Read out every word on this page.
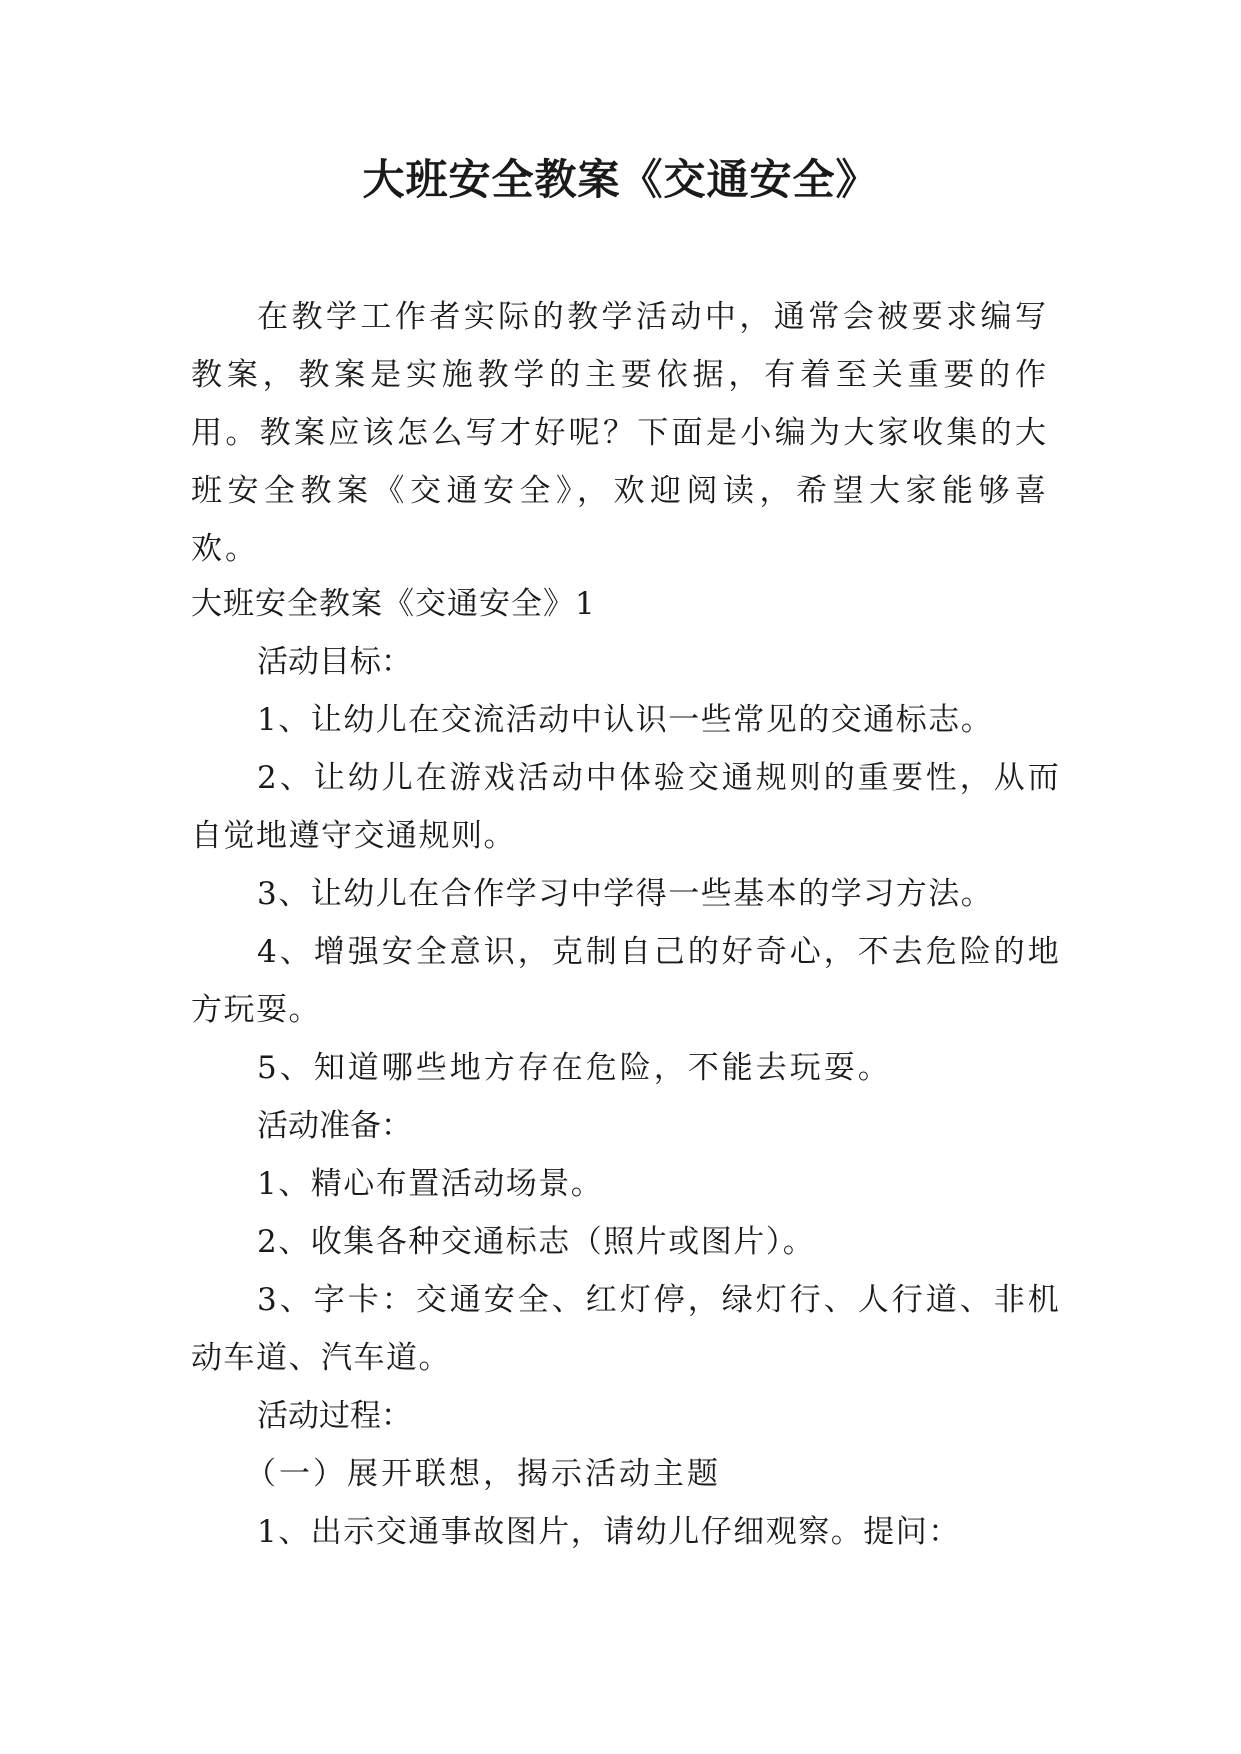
大班安全教案《交通安全》

在教学工作者实际的教学活动中，通常会被要求编写教案，教案是实施教学的主要依据，有着至关重要的作用。教案应该怎么写才好呢？下面是小编为大家收集的大班安全教案《交通安全》，欢迎阅读，希望大家能够喜欢。

大班安全教案《交通安全》1
活动目标：
1、让幼儿在交流活动中认识一些常见的交通标志。
2、让幼儿在游戏活动中体验交通规则的重要性，从而
自觉地遵守交通规则。
3、让幼儿在合作学习中学得一些基本的学习方法。
4、增强安全意识，克制自己的好奇心，不去危险的地
方玩耍。
5、知道哪些地方存在危险，不能去玩耍。
活动准备：
1、精心布置活动场景。
2、收集各种交通标志（照片或图片）。
3、字卡：交通安全、红灯停，绿灯行、人行道、非机
动车道、汽车道。
活动过程：
（一）展开联想，揭示活动主题
1、出示交通事故图片，请幼儿仔细观察。提问：
